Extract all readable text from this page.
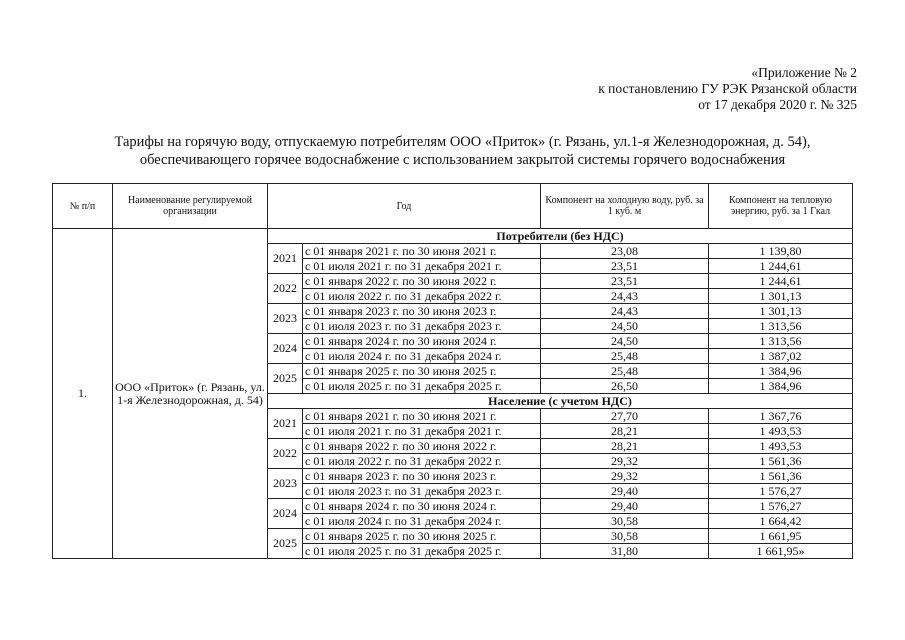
«Приложение № 2
к постановлению ГУ РЭК Рязанской области
от 17 декабря 2020 г. № 325
Тарифы на горячую воду, отпускаемую потребителям ООО «Приток» (г. Рязань, ул.1-я Железнодорожная, д. 54),
обеспечивающего горячее водоснабжение с использованием закрытой системы горячего водоснабжения
№ п/п	Наименование регулируемой организации	Год		Компонент на холодную воду, руб. за 1 куб. м	Компонент на тепловую энергию, руб. за 1 Гкал
1.	ООО «Приток» (г. Рязань, ул. 1-я Железнодорожная, д. 54)	Потребители (без НДС)			
		2021	с 01 января 2021 г. по 30 июня 2021 г.	23,08	1 139,80
			с 01 июля 2021 г. по 31 декабря 2021 г.	23,51	1 244,61
		2022	с 01 января 2022 г. по 30 июня 2022 г.	23,51	1 244,61
			с 01 июля 2022 г. по 31 декабря 2022 г.	24,43	1 301,13
		2023	с 01 января 2023 г. по 30 июня 2023 г.	24,43	1 301,13
			с 01 июля 2023 г. по 31 декабря 2023 г.	24,50	1 313,56
		2024	с 01 января 2024 г. по 30 июня 2024 г.	24,50	1 313,56
			с 01 июля 2024 г. по 31 декабря 2024 г.	25,48	1 387,02
		2025	с 01 января 2025 г. по 30 июня 2025 г.	25,48	1 384,96
			с 01 июля 2025 г. по 31 декабря 2025 г.	26,50	1 384,96
		Население (с учетом НДС)			
		2021	с 01 января 2021 г. по 30 июня 2021 г.	27,70	1 367,76
			с 01 июля 2021 г. по 31 декабря 2021 г.	28,21	1 493,53
		2022	с 01 января 2022 г. по 30 июня 2022 г.	28,21	1 493,53
			с 01 июля 2022 г. по 31 декабря 2022 г.	29,32	1 561,36
		2023	с 01 января 2023 г. по 30 июня 2023 г.	29,32	1 561,36
			с 01 июля 2023 г. по 31 декабря 2023 г.	29,40	1 576,27
		2024	с 01 января 2024 г. по 30 июня 2024 г.	29,40	1 576,27
			с 01 июля 2024 г. по 31 декабря 2024 г.	30,58	1 664,42
		2025	с 01 января 2025 г. по 30 июня 2025 г.	30,58	1 661,95
			с 01 июля 2025 г. по 31 декабря 2025 г.	31,80	1 661,95»
